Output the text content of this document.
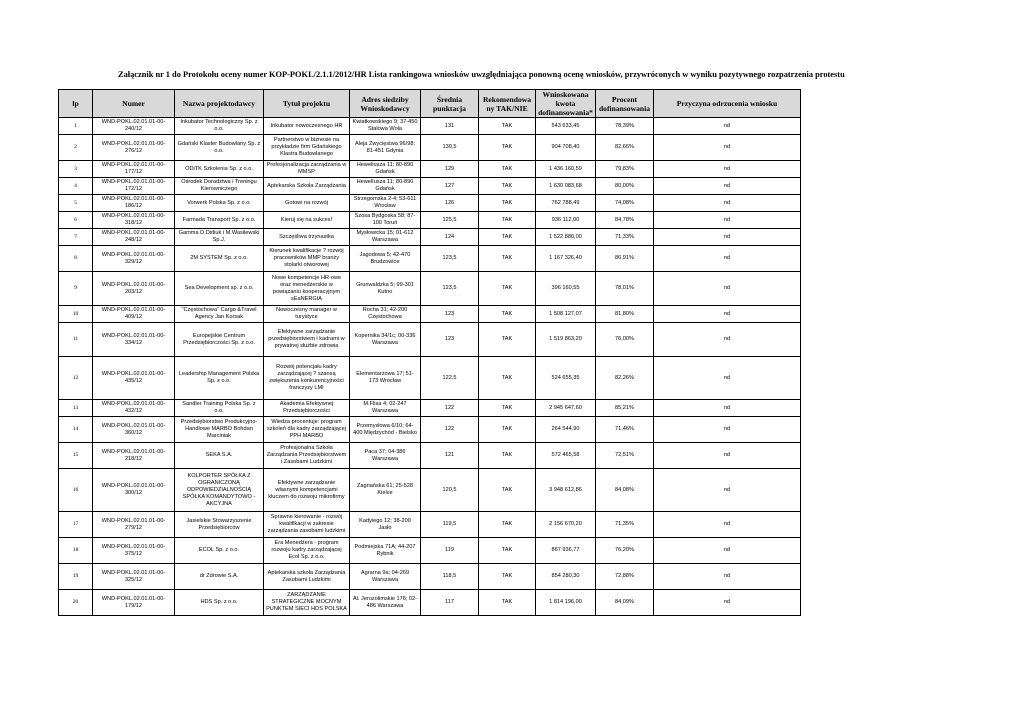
Załącznik nr 1 do Protokołu oceny numer KOP-POKL/2.1.1/2012/HR Lista rankingowa wniosków uwzględniająca ponowną ocenę wniosków, przywróconych w wyniku pozytywnego rozpatrzenia protestu
lp	Numer	Nazwa projektodawcy	Tytuł projektu	Adres siedziby Wnioskodawcy	Średnia punktacja	Rekomendowa ny TAK/NIE	Wnioskowana kwota dofinansowania*	Procent dofinansowania	Przyczyna odrzucenia wniosku
1	WND-POKL.02.01.01-00-240/12	Inkubator Technologiczny Sp. z o.o.	Inkubator nowoczesnego HR	Kwiatkowskiego 9; 37-450 Stalowa Wola	131	TAK	543 633,45	78,39%	nd
2	WND-POKL.02.01.01-00-276/12	Gdański Klaster Budowlany Sp. z o.o.	Partnerstwo w biznesie na przykładzie firm Gdańskiego Klastra Budowlanego	Aleja Zwycięstwa 96/98; 81-451 Gdynia	130,5	TAK	904 708,40	82,66%	nd
3	WND-POKL.02.01.01-00-177/12	ODiTK Szkolenia Sp. z o.o.	Profesjonalizacja zarządzania w MMSP	Heweliusza 11; 80-890 Gdańsk	129	TAK	1 436 160,59	79,83%	nd
4	WND-POKL.02.01.01-00-172/12	Ośrodek Doradztwa i Treningu Kierowniczego	Aptekarska Szkoła Zarządzania	HewelIusza 11; 80-890 Gdańsk	127	TAK	1 630 083,68	80,00%	nd
5	WND-POKL.02.01.01-00-186/12	Vorwerk Polska Sp. z o.o.	Gotowi na rozwój	Strzegomska 2-4; 53-611 Wrocław	126	TAK	762 788,49	74,08%	nd
6	WND-POKL.02.01.01-00-318/12	Farmada Transport Sp. z o.o.	Kieruj się na sukces!	Szosa Bydgoska 58; 87-100 Toruń	125,5	TAK	936 112,00	84,78%	nd
7	WND-POKL.02.01.01-00-248/12	Gamma D.Didiuk i M.Wasilewski Sp.J.	Szczęśliwa trzynastka	Mysłowicka 15; 01-612 Warszawa	124	TAK	1 522 880,00	71,33%	nd
8	WND-POKL.02.01.01-00-329/12	2M SYSTEM Sp. z o.o.	Kierunek kwalifikacje ? rozwój pracowników MMP branży stolarki otworowej	Jagodowa 5; 42-470 Brudzowice	123,5	TAK	1 167 326,40	86,91%	nd
9	WND-POKL.02.01.01-00-203/12	Sea Development sp. z o.o.	Nowe kompetencje HR-owe oraz menedżerskie w powiązaniu kooperacyjnym sEaNERGIA	Grunwaldzka 5; 99-301 Kutno	123,5	TAK	396 160,55	78,01%	nd
10	WND-POKL.02.01.01-00-409/12	"Częstochowa" Cargo &Travel Agency Jan Korsak	Nowoczesny manager w turystyce	Rocha 31; 42-200 Częstochowa	123	TAK	1 508 127,07	81,80%	nd
11	WND-POKL.02.01.01-00-334/12	Europejskie Centrum Przedsiębiorczości Sp. z o.o.	Efektywne zarządzanie przedsiębiorstwem i kadrami w prywatnej służbie zdrowia	Kopernika 34/1c; 00-336 Warszawa	123	TAK	1 519 863,20	76,00%	nd
12	WND-POKL.02.01.01-00-435/12	Leadership Management Polska Sp. z o.o.	Rozwój potencjału kadry zarządzającej ? szansą zwiększenia konkurencyjności franczyzy LMI	Elementarzowa 17; 51-173 Wrocław	122,5	TAK	524 655,35	82,26%	nd
13	WND-POKL.02.01.01-00-432/12	Sandler Training Polska Sp. z o.o.	Akademia Efektywnej Przedsiębiorczości	M.Flisa 4; 02-247 Warszawa	122	TAK	2 945 647,60	85,21%	nd
14	WND-POKL.02.01.01-00-360/12	Przedsiębiorstwo Produkcyjno-Handlowe MARBO Bohdan Marciniak	Wiedza procentuje: program szkoleń dla kadry zarządzającej PPH MARBO	Przemysłowa 6/10; 64-400 Międzychód - Bielsko	122	TAK	264 544,90	71,46%	nd
15	WND-POKL.02.01.01-00-218/12	SEKA S.A.	Profesjonalna Szkoła Zarządzania Przedsiębiorstwem i Zasobami Ludzkimi	Paca 37; 04-386 Warszawa	121	TAK	572 465,58	72,51%	nd
16	WND-POKL.02.01.01-00-300/12	KOLPORTER SPÓŁKA Z OGRANICZONĄ ODPOWIEDZIALNOŚCIĄ SPÓŁKA KOMANDYTOWO - AKCYJNA	Efektywne zarządzanie własnymi kompetencjami kluczem do rozwoju mikrofirmy	Zagnańska 61; 25-528 Kielce	120,5	TAK	3 948 612,86	84,08%	nd
17	WND-POKL.02.01.01-00-279/12	Jasielskie Stowarzyszenie Przedsiębiorców	Sprawne kierowanie - rozwój kwalifikacji w zakresie zarządzania zasobami ludzkimi	Kadyiego 12; 38-200 Jasło	119,5	TAK	2 156 670,20	71,35%	nd
18	WND-POKL.02.01.01-00-375/12	ECOL Sp. z o.o.	Era Menedżera - program rozwoju kadry zarządzającej Ecol Sp. z o.o.	Podmiejska 71A; 44-207 Rybnik	119	TAK	867 936,77	76,20%	nd
19	WND-POKL.02.01.01-00-325/12	dr Zdrowie S.A.	Aptekarska szkoła Zarządzania Zasobami Ludzkimi	Agrarna 9a; 04-269 Warszawa	118,5	TAK	854 280,30	72,88%	nd
20	WND-POKL.02.01.01-00-179/12	HDS Sp. z o.o.	ZARZĄDZANIE STRATEGICZNE MOCNYM PUNKTEM SIECI HDS POLSKA	Al. Jerozolimskie 176; 02-486 Warszawa	117	TAK	1 814 196,00	84,09%	nd
